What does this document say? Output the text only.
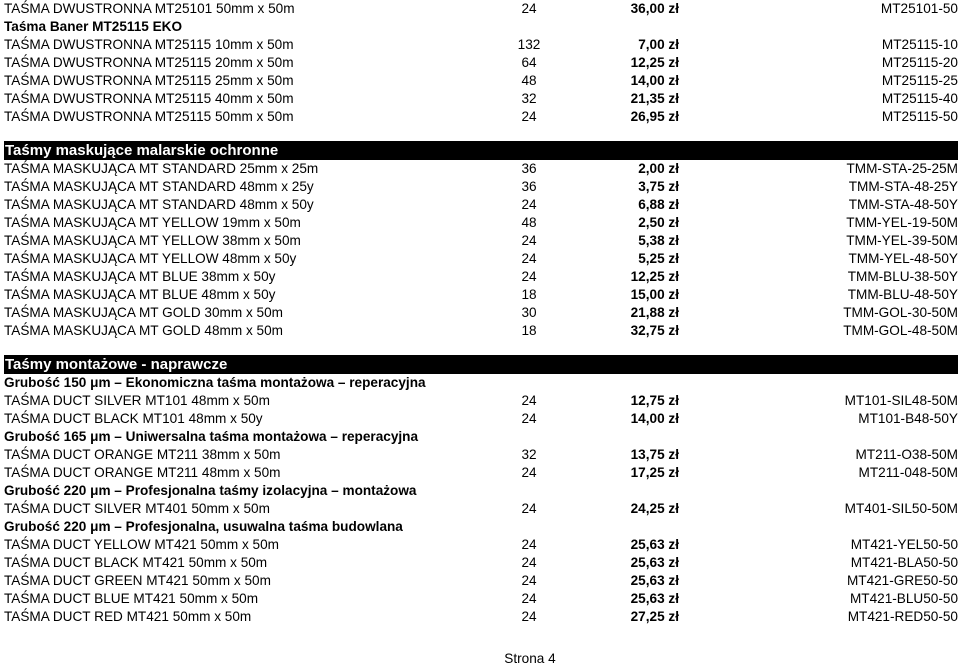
TAŚMA DWUSTRONNA MT25101 50mm x 50m	24	36,00 zł	MT25101-50
Taśma Baner MT25115 EKO
TAŚMA DWUSTRONNA MT25115 10mm x 50m	132	7,00 zł	MT25115-10
TAŚMA DWUSTRONNA MT25115 20mm x 50m	64	12,25 zł	MT25115-20
TAŚMA DWUSTRONNA MT25115 25mm x 50m	48	14,00 zł	MT25115-25
TAŚMA DWUSTRONNA MT25115 40mm x 50m	32	21,35 zł	MT25115-40
TAŚMA DWUSTRONNA MT25115 50mm x 50m	24	26,95 zł	MT25115-50
Taśmy maskujące malarskie ochronne
TAŚMA MASKUJĄCA MT STANDARD 25mm x 25m	36	2,00 zł	TMM-STA-25-25M
TAŚMA MASKUJĄCA MT STANDARD 48mm x 25y	36	3,75 zł	TMM-STA-48-25Y
TAŚMA MASKUJĄCA MT STANDARD 48mm x 50y	24	6,88 zł	TMM-STA-48-50Y
TAŚMA MASKUJĄCA MT YELLOW 19mm x 50m	48	2,50 zł	TMM-YEL-19-50M
TAŚMA MASKUJĄCA MT YELLOW 38mm x 50m	24	5,38 zł	TMM-YEL-39-50M
TAŚMA MASKUJĄCA MT YELLOW 48mm x 50y	24	5,25 zł	TMM-YEL-48-50Y
TAŚMA MASKUJĄCA MT BLUE 38mm x 50y	24	12,25 zł	TMM-BLU-38-50Y
TAŚMA MASKUJĄCA MT BLUE 48mm x 50y	18	15,00 zł	TMM-BLU-48-50Y
TAŚMA MASKUJĄCA MT GOLD 30mm x 50m	30	21,88 zł	TMM-GOL-30-50M
TAŚMA MASKUJĄCA MT GOLD 48mm x 50m	18	32,75 zł	TMM-GOL-48-50M
Taśmy montażowe - naprawcze
Grubość 150 μm – Ekonomiczna taśma montażowa – reperacyjna
TAŚMA DUCT SILVER MT101 48mm x 50m	24	12,75 zł	MT101-SIL48-50M
TAŚMA DUCT BLACK MT101 48mm x 50y	24	14,00 zł	MT101-B48-50Y
Grubość 165 μm – Uniwersalna taśma montażowa – reperacyjna
TAŚMA DUCT ORANGE MT211 38mm x 50m	32	13,75 zł	MT211-O38-50M
TAŚMA DUCT ORANGE MT211 48mm x 50m	24	17,25 zł	MT211-048-50M
Grubość 220 μm – Profesjonalna taśmy izolacyjna – montażowa
TAŚMA DUCT SILVER MT401 50mm x 50m	24	24,25 zł	MT401-SIL50-50M
Grubość 220 μm – Profesjonalna, usuwalna taśma budowlana
TAŚMA DUCT YELLOW MT421 50mm x 50m	24	25,63 zł	MT421-YEL50-50
TAŚMA DUCT BLACK MT421 50mm x 50m	24	25,63 zł	MT421-BLA50-50
TAŚMA DUCT GREEN MT421 50mm x 50m	24	25,63 zł	MT421-GRE50-50
TAŚMA DUCT BLUE MT421 50mm x 50m	24	25,63 zł	MT421-BLU50-50
TAŚMA DUCT RED MT421 50mm x 50m	24	27,25 zł	MT421-RED50-50
Strona 4
